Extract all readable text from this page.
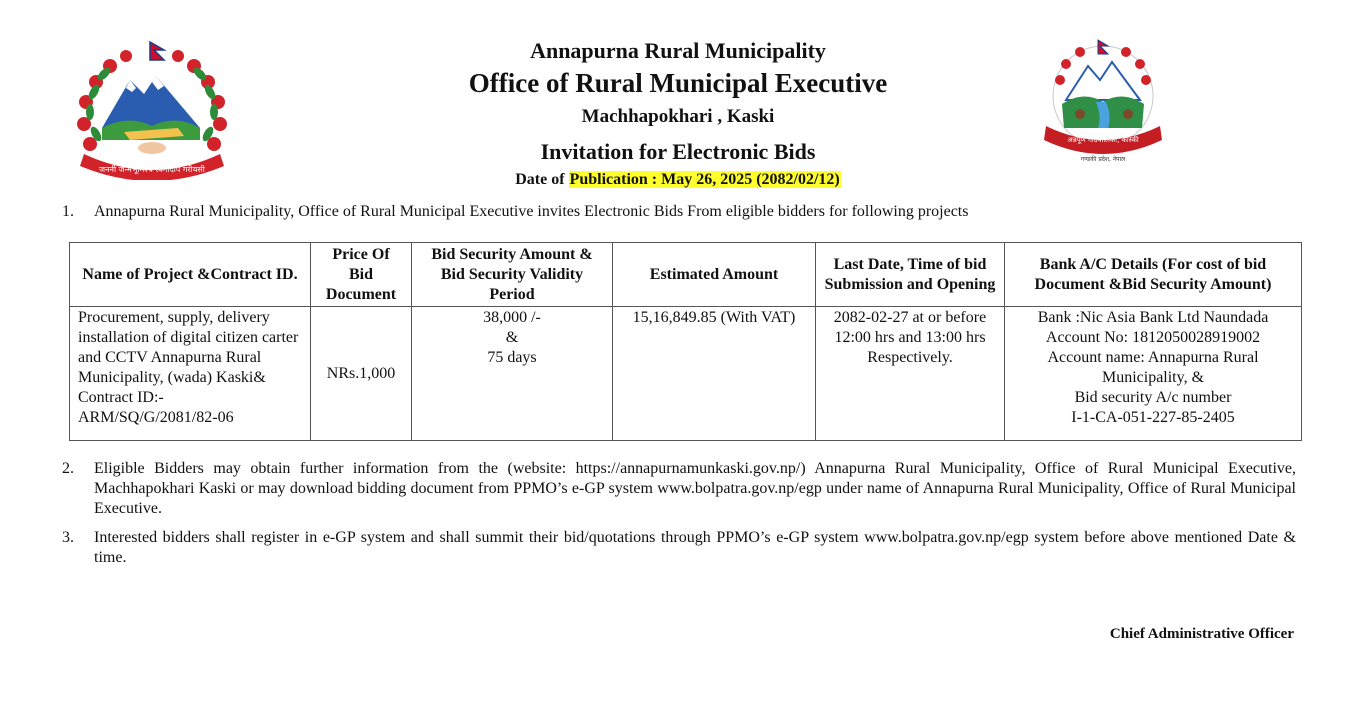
जननी जन्मभूमिश्च स्वर्गादपि गरीयसी
अन्नपूर्ण गाउँपालिका, कास्की
गण्डकी प्रदेश, नेपाल
Annapurna Rural Municipality
Office of Rural Municipal Executive
Machhapokhari , Kaski
Invitation for Electronic Bids
Date of Publication : May 26, 2025 (2082/02/12)
1. Annapurna Rural Municipality, Office of Rural Municipal Executive invites Electronic Bids From eligible bidders for following projects
Name of Project &Contract ID.	Price Of Bid Document	Bid Security Amount & Bid Security Validity Period	Estimated Amount	Last Date, Time of bid Submission and Opening	Bank A/C Details (For cost of bid Document &Bid Security Amount)
Procurement, supply, delivery installation of digital citizen carter and CCTV Annapurna Rural Municipality, (wada) Kaski& Contract ID:- ARM/SQ/G/2081/82-06	NRs.1,000	38,000 /-
&
75 days	15,16,849.85 (With VAT)	2082-02-27 at or before 12:00 hrs and 13:00 hrs Respectively.	Bank :Nic Asia Bank Ltd Naundada
Account No: 1812050028919002
Account name: Annapurna Rural Municipality, &
Bid security A/c number
I-1-CA-051-227-85-2405
2. Eligible Bidders may obtain further information from the (website: https://annapurnamunkaski.gov.np/) Annapurna Rural Municipality, Office of Rural Municipal Executive, Machhapokhari Kaski or may download bidding document from PPMO’s e-GP system www.bolpatra.gov.np/egp under name of Annapurna Rural Municipality, Office of Rural Municipal Executive.
3. Interested bidders shall register in e-GP system and shall summit their bid/quotations through PPMO’s e-GP system www.bolpatra.gov.np/egp system before above mentioned Date & time.
Chief Administrative Officer
